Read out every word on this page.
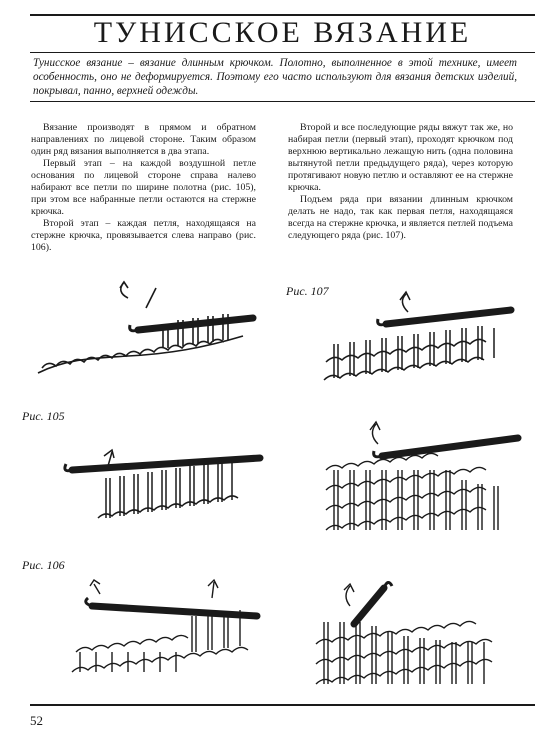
ТУНИССКОЕ ВЯЗАНИЕ
Тунисское вязание – вязание длинным крючком. Полотно, выполненное в этой технике, имеет особенность, оно не деформируется. Поэтому его часто используют для вязания детских изделий, покрывал, панно, верхней одежды.

Вязание производят в прямом и обратном направлениях по лицевой стороне. Таким образом один ряд вязания выполняется в два этапа.

Первый этап – на каждой воздушной петле основания по лицевой стороне справа налево набирают все петли по ширине полотна (рис. 105), при этом все набранные петли остаются на стержне крючка.

Второй этап – каждая петля, находящаяся на стержне крючка, провязывается слева направо (рис. 106).

Второй и все последующие ряды вяжут так же, но набирая петли (первый этап), проходят крючком под верхнюю вертикально лежащую нить (одна половина вытянутой петли предыдущего ряда), через которую протягивают новую петлю и оставляют ее на стержне крючка.

Подъем ряда при вязании длинным крючком делать не надо, так как первая петля, находящаяся всегда на стержне крючка, и является петлей подъема следующего ряда (рис. 107).

Рис. 107
Рис. 105
Рис. 106
52
